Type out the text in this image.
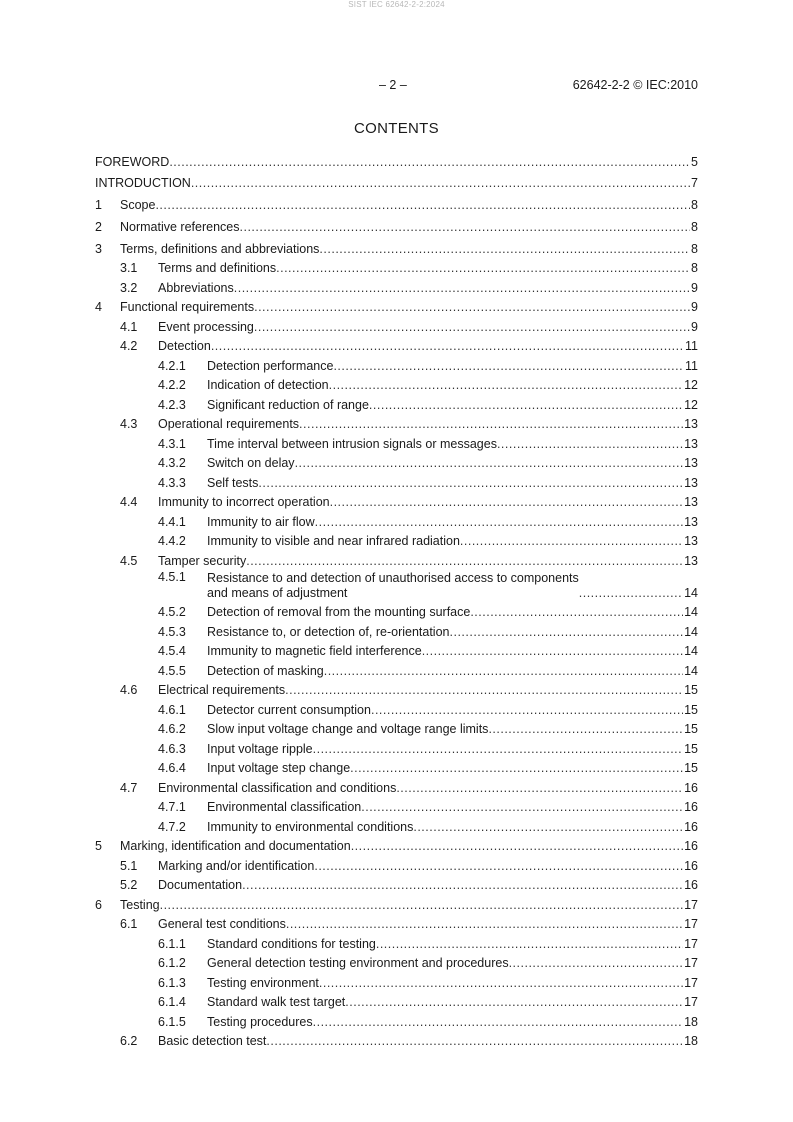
SIST IEC 62642-2-2:2024
– 2 –	62642-2-2 © IEC:2010
CONTENTS
FOREWORD .....	5
INTRODUCTION .....	7
1	Scope .....	8
2	Normative references .....	8
3	Terms, definitions and abbreviations .....	8
3.1	Terms and definitions .....	8
3.2	Abbreviations .....	9
4	Functional requirements .....	9
4.1	Event processing .....	9
4.2	Detection .....	11
4.2.1	Detection performance .....	11
4.2.2	Indication of detection .....	12
4.2.3	Significant reduction of range .....	12
4.3	Operational requirements .....	13
4.3.1	Time interval between intrusion signals or messages .....	13
4.3.2	Switch on delay .....	13
4.3.3	Self tests .....	13
4.4	Immunity to incorrect operation .....	13
4.4.1	Immunity to air flow .....	13
4.4.2	Immunity to visible and near infrared radiation .....	13
4.5	Tamper security .....	13
4.5.1	Resistance to and detection of unauthorised access to components
and means of adjustment .....	14
4.5.2	Detection of removal from the mounting surface .....	14
4.5.3	Resistance to, or detection of, re-orientation .....	14
4.5.4	Immunity to magnetic field interference .....	14
4.5.5	Detection of masking .....	14
4.6	Electrical requirements .....	15
4.6.1	Detector current consumption .....	15
4.6.2	Slow input voltage change and voltage range limits .....	15
4.6.3	Input voltage ripple .....	15
4.6.4	Input voltage step change .....	15
4.7	Environmental classification and conditions .....	16
4.7.1	Environmental classification .....	16
4.7.2	Immunity to environmental conditions .....	16
5	Marking, identification and documentation .....	16
5.1	Marking and/or identification .....	16
5.2	Documentation .....	16
6	Testing .....	17
6.1	General test conditions .....	17
6.1.1	Standard conditions for testing .....	17
6.1.2	General detection testing environment and procedures .....	17
6.1.3	Testing environment .....	17
6.1.4	Standard walk test target .....	17
6.1.5	Testing procedures .....	18
6.2	Basic detection test .....	18
